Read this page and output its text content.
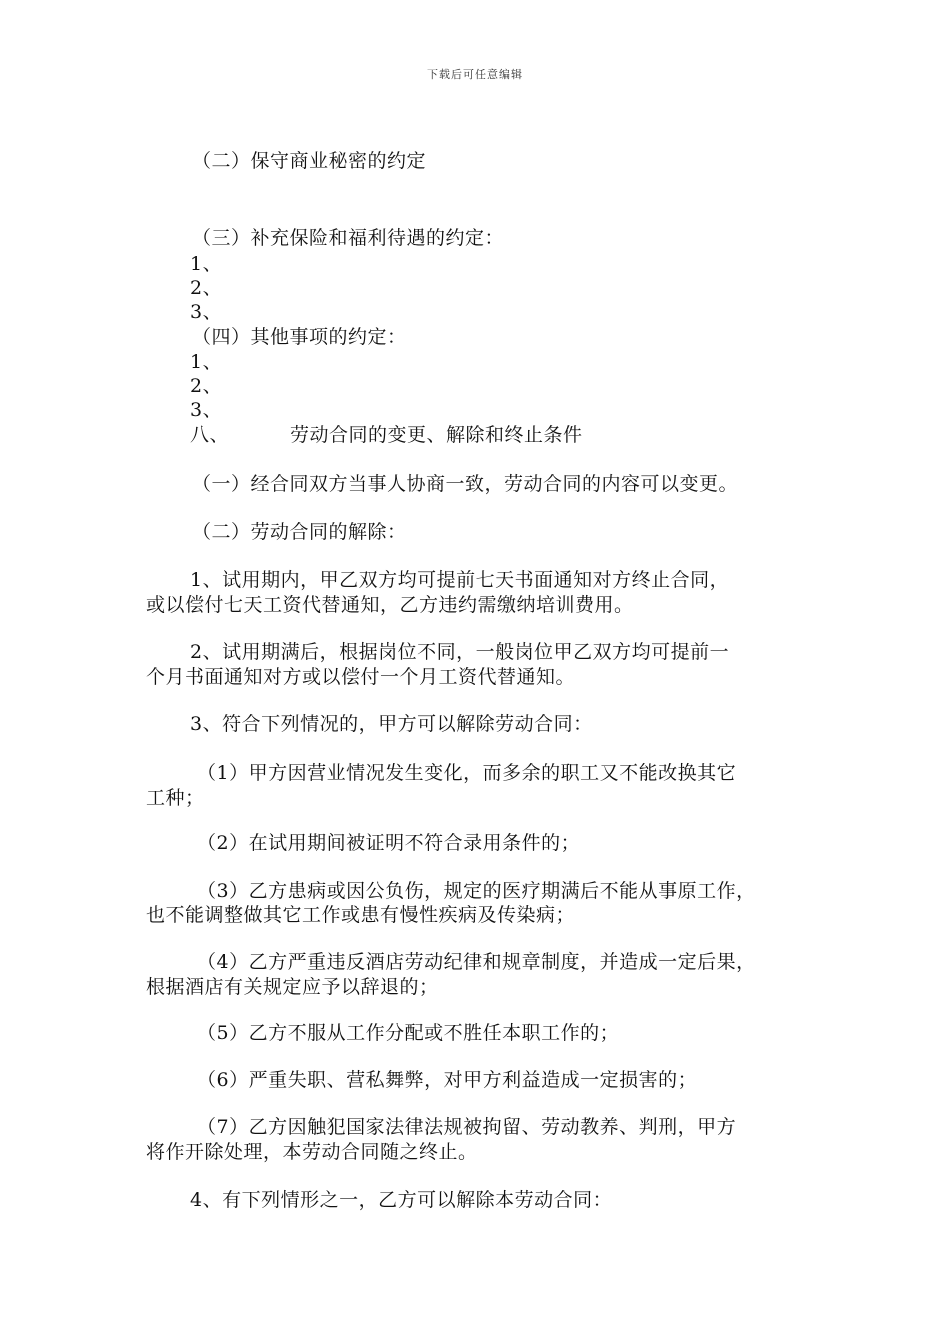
下载后可任意编辑
（二）保守商业秘密的约定
（三）补充保险和福利待遇的约定：
1、
2、
3、
（四）其他事项的约定：
1、
2、
3、
八、	劳动合同的变更、解除和终止条件
（一）经合同双方当事人协商一致，劳动合同的内容可以变更。
（二）劳动合同的解除：
1、试用期内，甲乙双方均可提前七天书面通知对方终止合同，
或以偿付七天工资代替通知，乙方违约需缴纳培训费用。
2、试用期满后，根据岗位不同，一般岗位甲乙双方均可提前一
个月书面通知对方或以偿付一个月工资代替通知。
3、符合下列情况的，甲方可以解除劳动合同：
（1）甲方因营业情况发生变化，而多余的职工又不能改换其它
工种；
（2）在试用期间被证明不符合录用条件的；
（3）乙方患病或因公负伤，规定的医疗期满后不能从事原工作，
也不能调整做其它工作或患有慢性疾病及传染病；
（4）乙方严重违反酒店劳动纪律和规章制度，并造成一定后果，
根据酒店有关规定应予以辞退的；
（5）乙方不服从工作分配或不胜任本职工作的；
（6）严重失职、营私舞弊，对甲方利益造成一定损害的；
（7）乙方因触犯国家法律法规被拘留、劳动教养、判刑，甲方
将作开除处理，本劳动合同随之终止。
4、有下列情形之一，乙方可以解除本劳动合同：
